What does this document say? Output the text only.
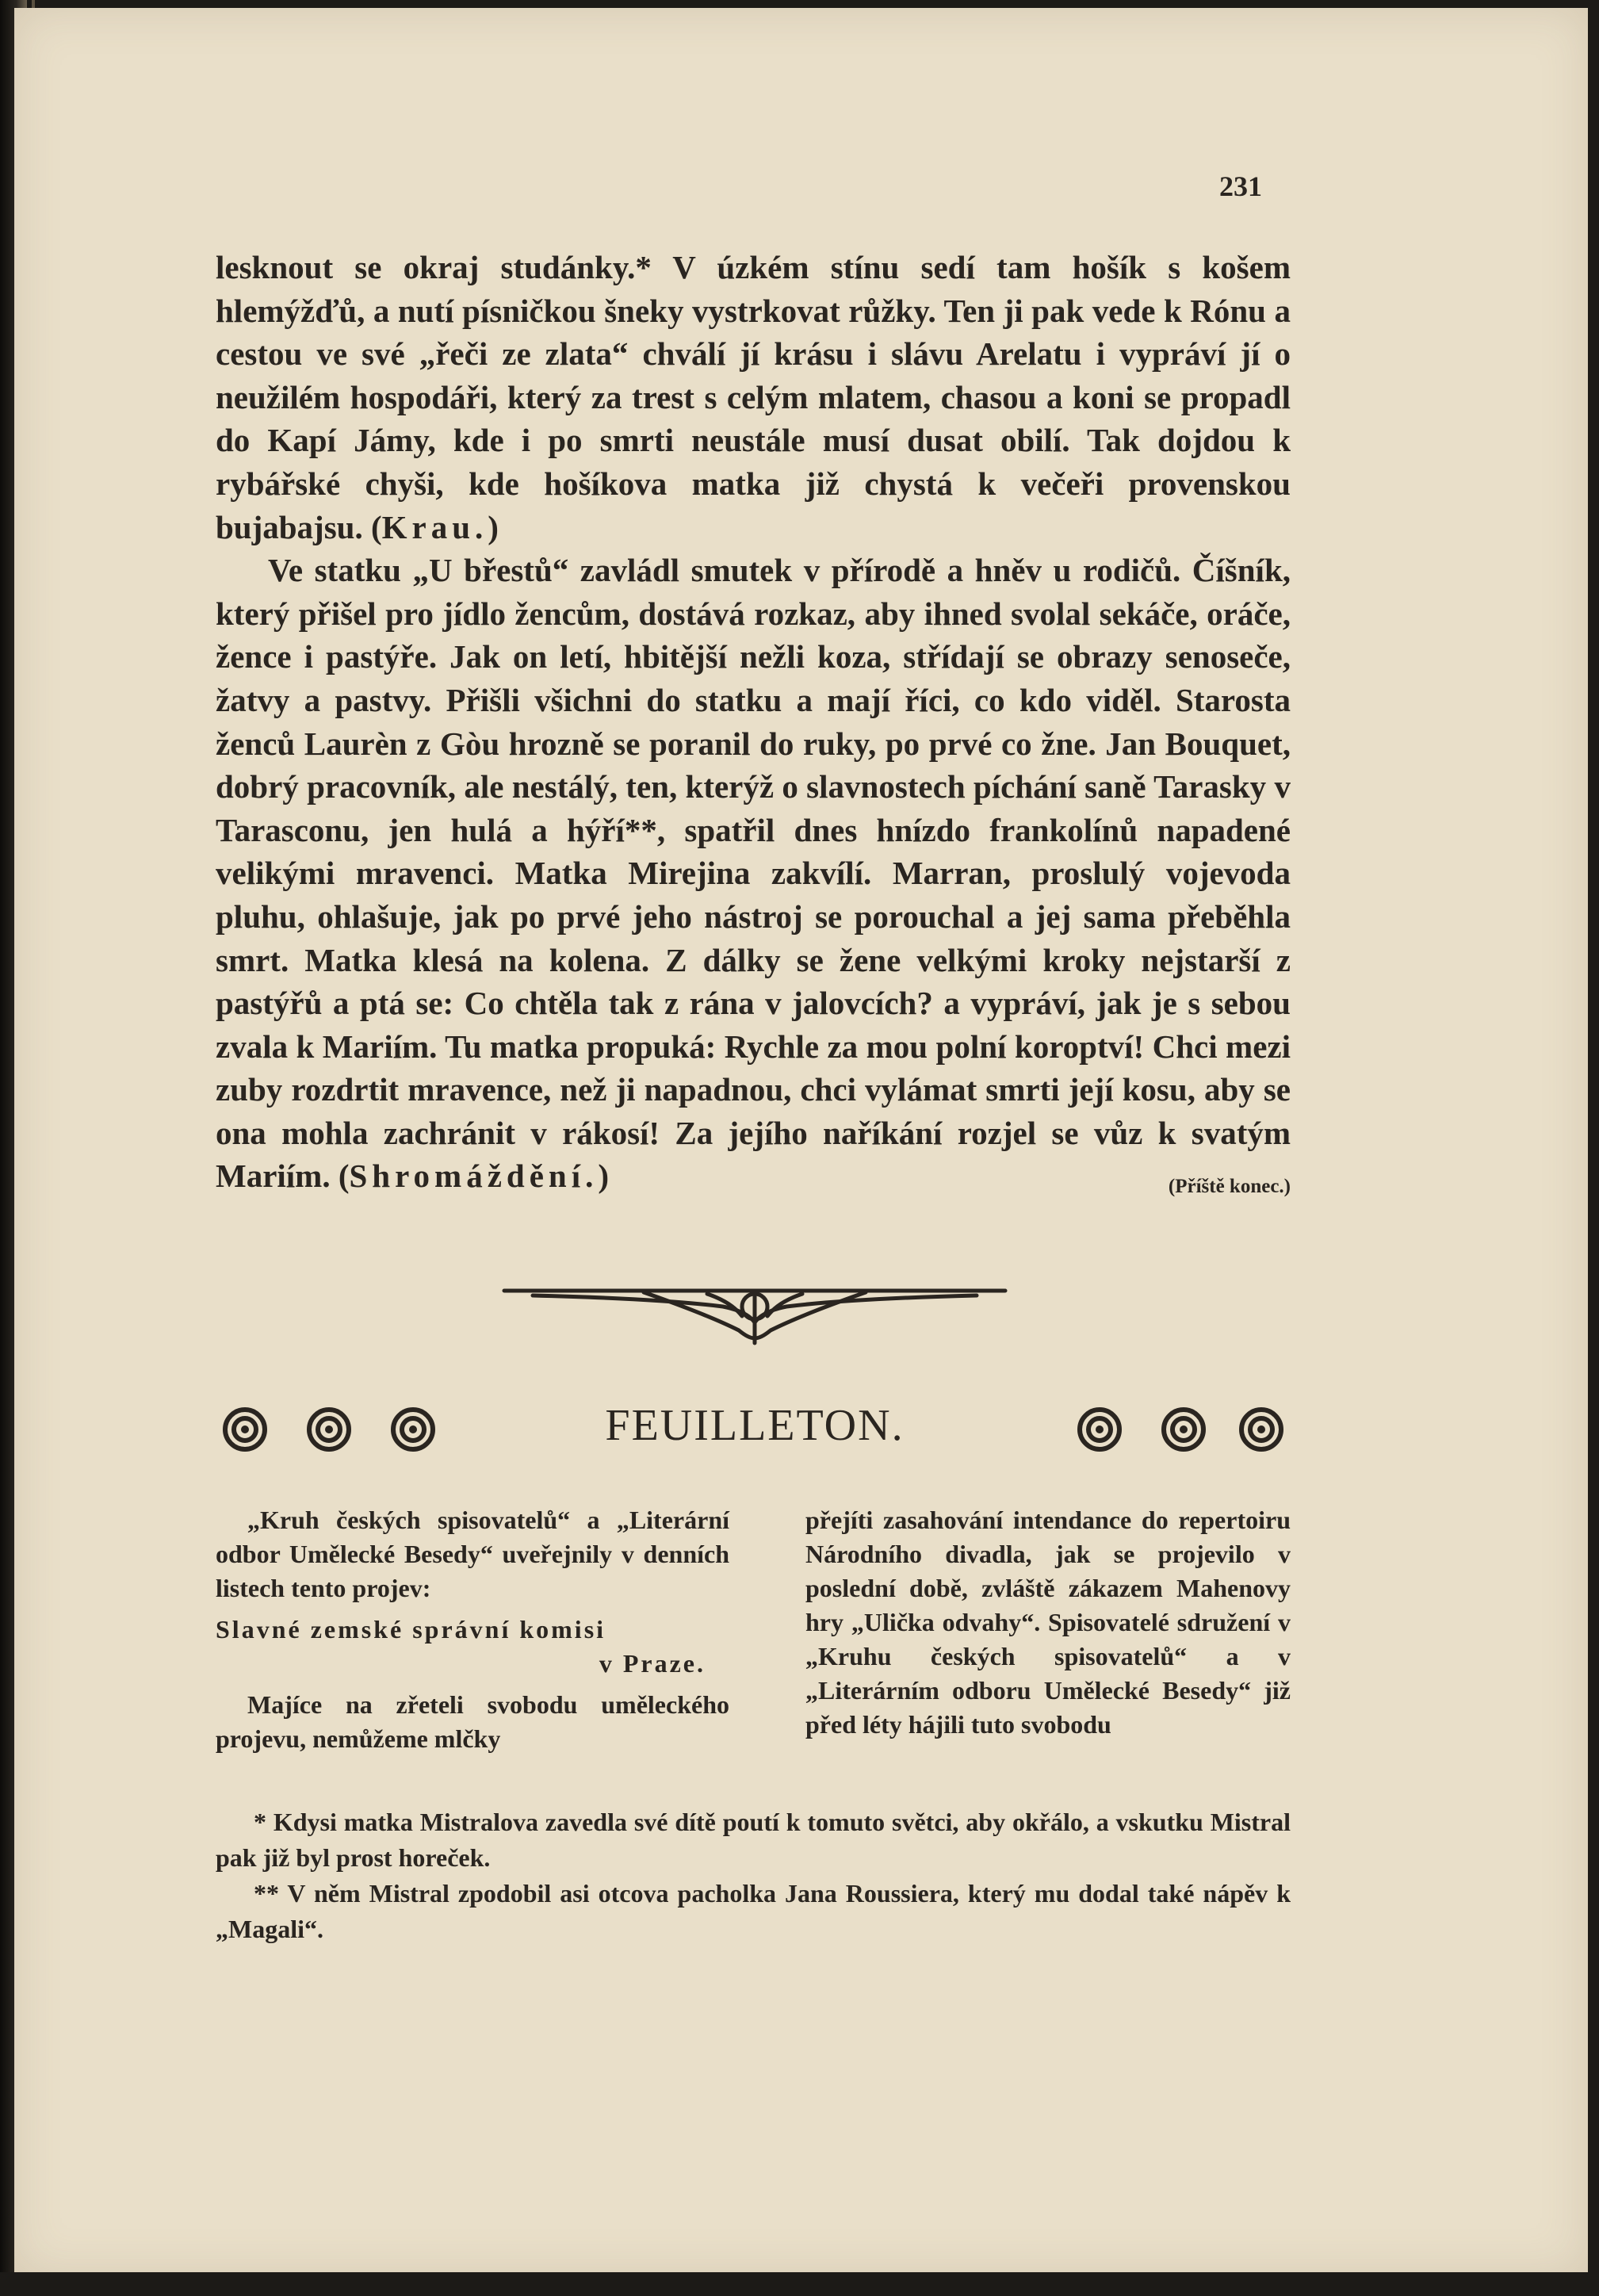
231

lesknout se okraj studánky.* V úzkém stínu sedí tam hošík s košem hlemýžďů, a nutí písničkou šneky vystrkovat růžky. Ten ji pak vede k Rónu a cestou ve své „řeči ze zlata“ chválí jí krásu i slávu Arelatu i vypráví jí o neužilém hospodáři, který za trest s celým mlatem, chasou a koni se propadl do Kapí Jámy, kde i po smrti neustále musí dusat obilí. Tak dojdou k rybářské chyši, kde hošíkova matka již chystá k večeři provenskou bujabajsu. (Krau.)

Ve statku „U břestů“ zavládl smutek v přírodě a hněv u rodičů. Číšník, který přišel pro jídlo žencům, dostává rozkaz, aby ihned svolal sekáče, oráče, žence i pastýře. Jak on letí, hbitější nežli koza, střídají se obrazy senoseče, žatvy a pastvy. Přišli všichni do statku a mají říci, co kdo viděl. Starosta ženců Laurèn z Gòu hrozně se poranil do ruky, po prvé co žne. Jan Bouquet, dobrý pracovník, ale nestálý, ten, kterýž o slavnostech píchání saně Tarasky v Tarasconu, jen hulá a hýří**, spatřil dnes hnízdo frankolínů napadené velikými mravenci. Matka Mirejina zakvílí. Marran, proslulý vojevoda pluhu, ohlašuje, jak po prvé jeho nástroj se porouchal a jej sama přeběhla smrt. Matka klesá na kolena. Z dálky se žene velkými kroky nejstarší z pastýřů a ptá se: Co chtěla tak z rána v jalovcích? a vypráví, jak je s sebou zvala k Mariím. Tu matka propuká: Rychle za mou polní koroptví! Chci mezi zuby rozdrtit mravence, než ji napadnou, chci vylámat smrti její kosu, aby se ona mohla zachránit v rákosí! Za jejího naříkání rozjel se vůz k svatým Mariím. (Shromáždění.)	(Příště konec.)

FEUILLETON.

„Kruh českých spisovatelů“ a „Literární odbor Umělecké Besedy“ uveřejnily v denních listech tento projev:

Slavné zemské správní komisi

v Praze.

Majíce na zřeteli svobodu uměleckého projevu, nemůžeme mlčky

přejíti zasahování intendance do repertoiru Národního divadla, jak se projevilo v poslední době, zvláště zákazem Mahenovy hry „Ulička odvahy“. Spisovatelé sdružení v „Kruhu českých spisovatelů“ a v „Literárním odboru Umělecké Besedy“ již před léty hájili tuto svobodu

* Kdysi matka Mistralova zavedla své dítě poutí k tomuto světci, aby okřálo, a vskutku Mistral pak již byl prost horeček.

** V něm Mistral zpodobil asi otcova pacholka Jana Roussiera, který mu dodal také nápěv k „Magali“.
